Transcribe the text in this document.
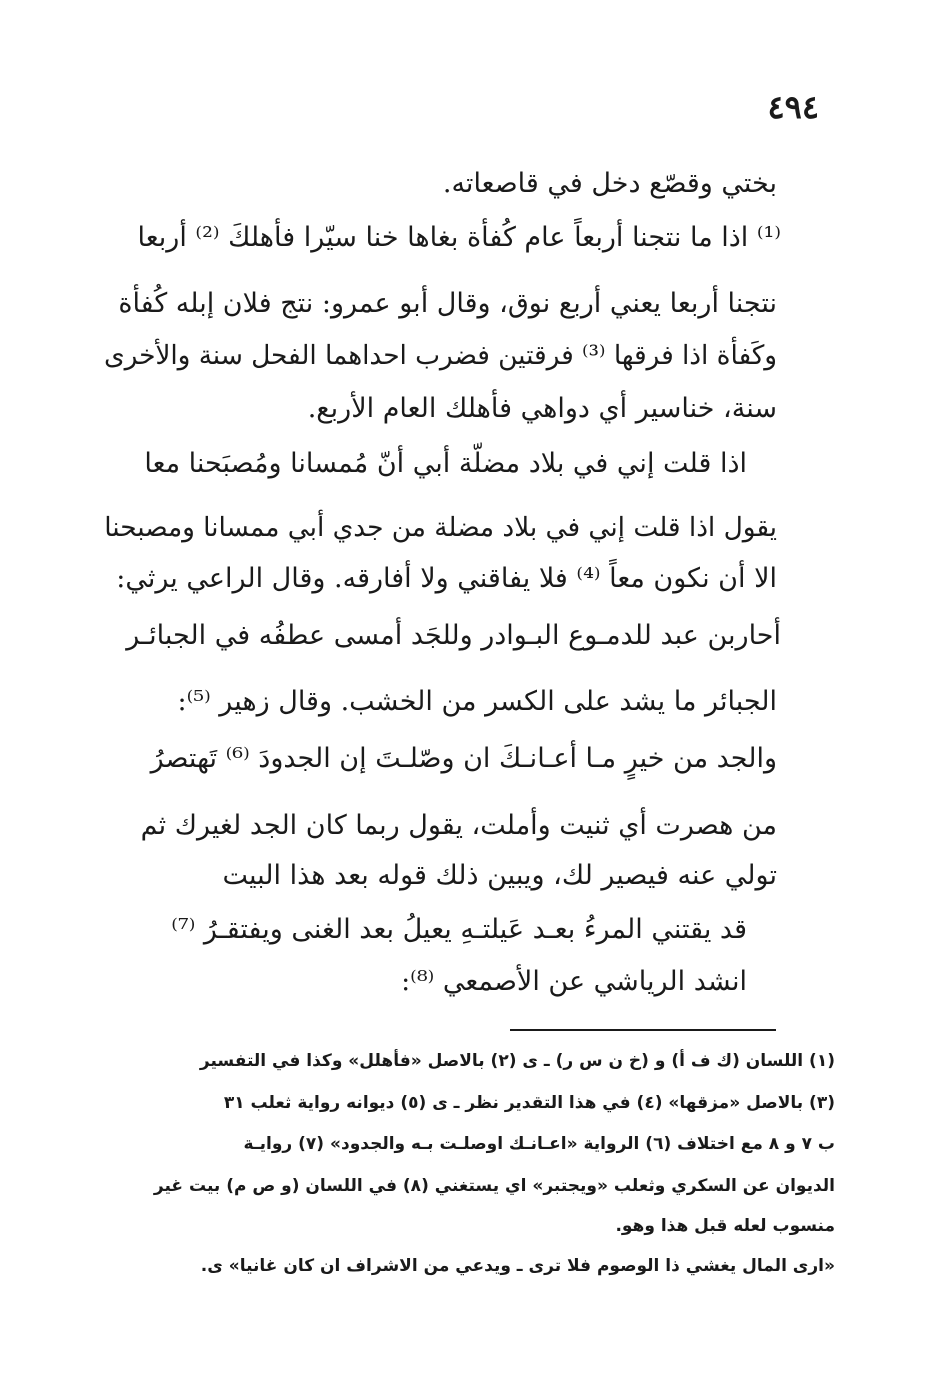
٤٩٤
بختي وقصّع دخل في قاصعاته.
⁽¹⁾ اذا ما نتجنا أربعاً عام كُفأة بغاها خنا سيّرا فأهلكَ ⁽²⁾ أربعا
نتجنا أربعا يعني أربع نوق، وقال أبو عمرو: نتج فلان إبله كُفأة
وكَفأة اذا فرقها ⁽³⁾ فرقتين فضرب احداهما الفحل سنة والأخرى
سنة، خناسير أي دواهي فأهلك العام الأربع.
اذا قلت إني في بلاد مضلّة أبي أنّ مُمسانا ومُصبَحنا معا
يقول اذا قلت إني في بلاد مضلة من جدي أبي ممسانا ومصبحنا
الا أن نكون معاً ⁽⁴⁾ فلا يفاقني ولا أفارقه. وقال الراعي يرثي:
أحاربن عبد للدمـوع البـوادر وللجَد أمسى عطفُه في الجبائـر
الجبائر ما يشد على الكسر من الخشب. وقال زهير ⁽⁵⁾:
والجد من خيرٍ مـا أعـانـكَ ان وصّلـتَ إن الجدودَ ⁽⁶⁾ تَهتصرُ
من هصرت أي ثنيت وأملت، يقول ربما كان الجد لغيرك ثم
تولي عنه فيصير لك، ويبين ذلك قوله بعد هذا البيت
قد يقتني المرءُ بعـد عَيلتـهِ يعيلُ بعد الغنى ويفتقـرُ ⁽⁷⁾
انشد الرياشي عن الأصمعي ⁽⁸⁾:
(١) اللسان (ك ف أ) و (خ ن س ر) ـ ى (٢) بالاصل «فأهلل» وكذا في التفسير
(٣) بالاصل «مزقها» (٤) في هذا التقدير نظر ـ ى (٥) ديوانه رواية ثعلب ٣١
ب ٧ و ٨ مع اختلاف (٦) الرواية «اعـانـك اوصلـت بـه والجدود» (٧) روايـة
الديوان عن السكري وثعلب «ويجتبر» اي يستغني (٨) في اللسان (و ص م) بيت غير
منسوب لعله قبل هذا وهو.
«ارى المال يغشي ذا الوصوم فلا ترى ـ ويدعي من الاشراف ان كان غانيا» ى.
